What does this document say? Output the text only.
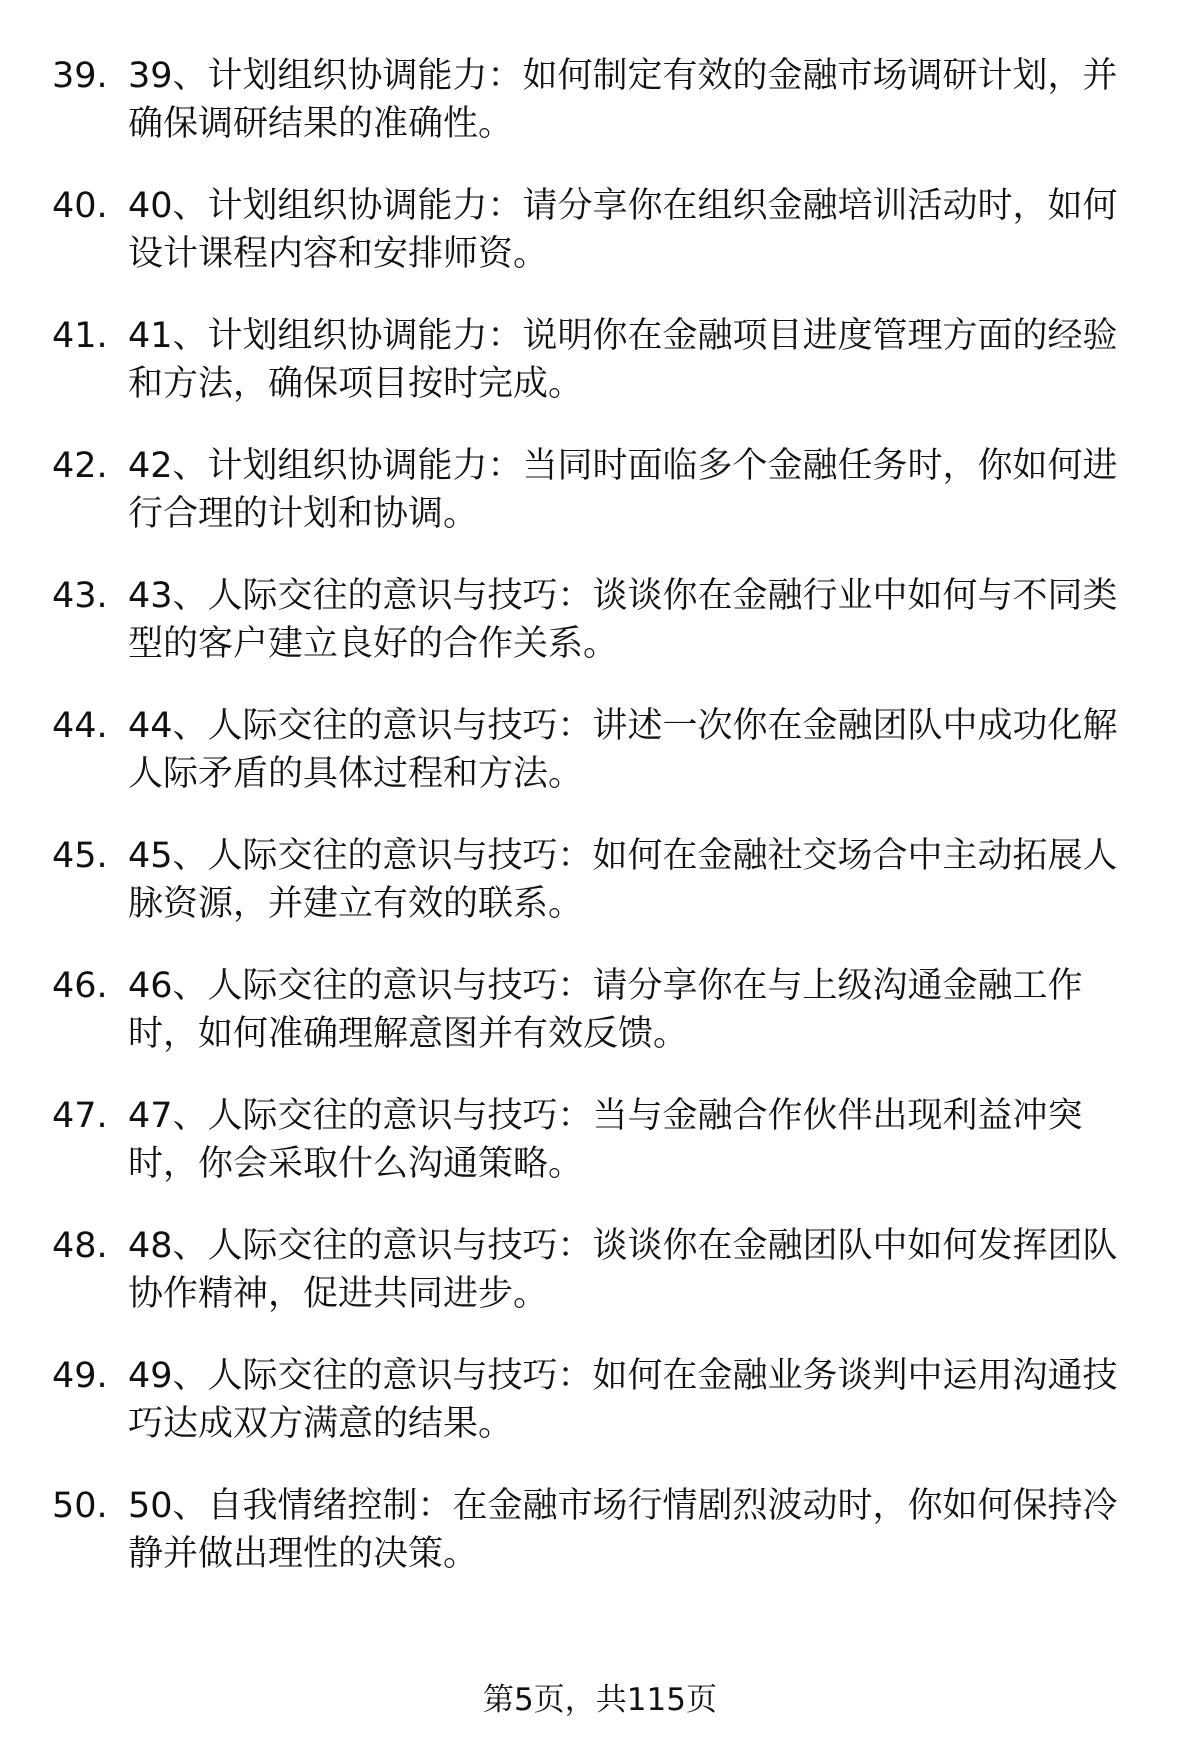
39. 39、计划组织协调能力：如何制定有效的金融市场调研计划，并确保调研结果的准确性。
40. 40、计划组织协调能力：请分享你在组织金融培训活动时，如何设计课程内容和安排师资。
41. 41、计划组织协调能力：说明你在金融项目进度管理方面的经验和方法，确保项目按时完成。
42. 42、计划组织协调能力：当同时面临多个金融任务时，你如何进行合理的计划和协调。
43. 43、人际交往的意识与技巧：谈谈你在金融行业中如何与不同类型的客户建立良好的合作关系。
44. 44、人际交往的意识与技巧：讲述一次你在金融团队中成功化解人际矛盾的具体过程和方法。
45. 45、人际交往的意识与技巧：如何在金融社交场合中主动拓展人脉资源，并建立有效的联系。
46. 46、人际交往的意识与技巧：请分享你在与上级沟通金融工作时，如何准确理解意图并有效反馈。
47. 47、人际交往的意识与技巧：当与金融合作伙伴出现利益冲突时，你会采取什么沟通策略。
48. 48、人际交往的意识与技巧：谈谈你在金融团队中如何发挥团队协作精神，促进共同进步。
49. 49、人际交往的意识与技巧：如何在金融业务谈判中运用沟通技巧达成双方满意的结果。
50. 50、自我情绪控制：在金融市场行情剧烈波动时，你如何保持冷静并做出理性的决策。
第5页，共115页
